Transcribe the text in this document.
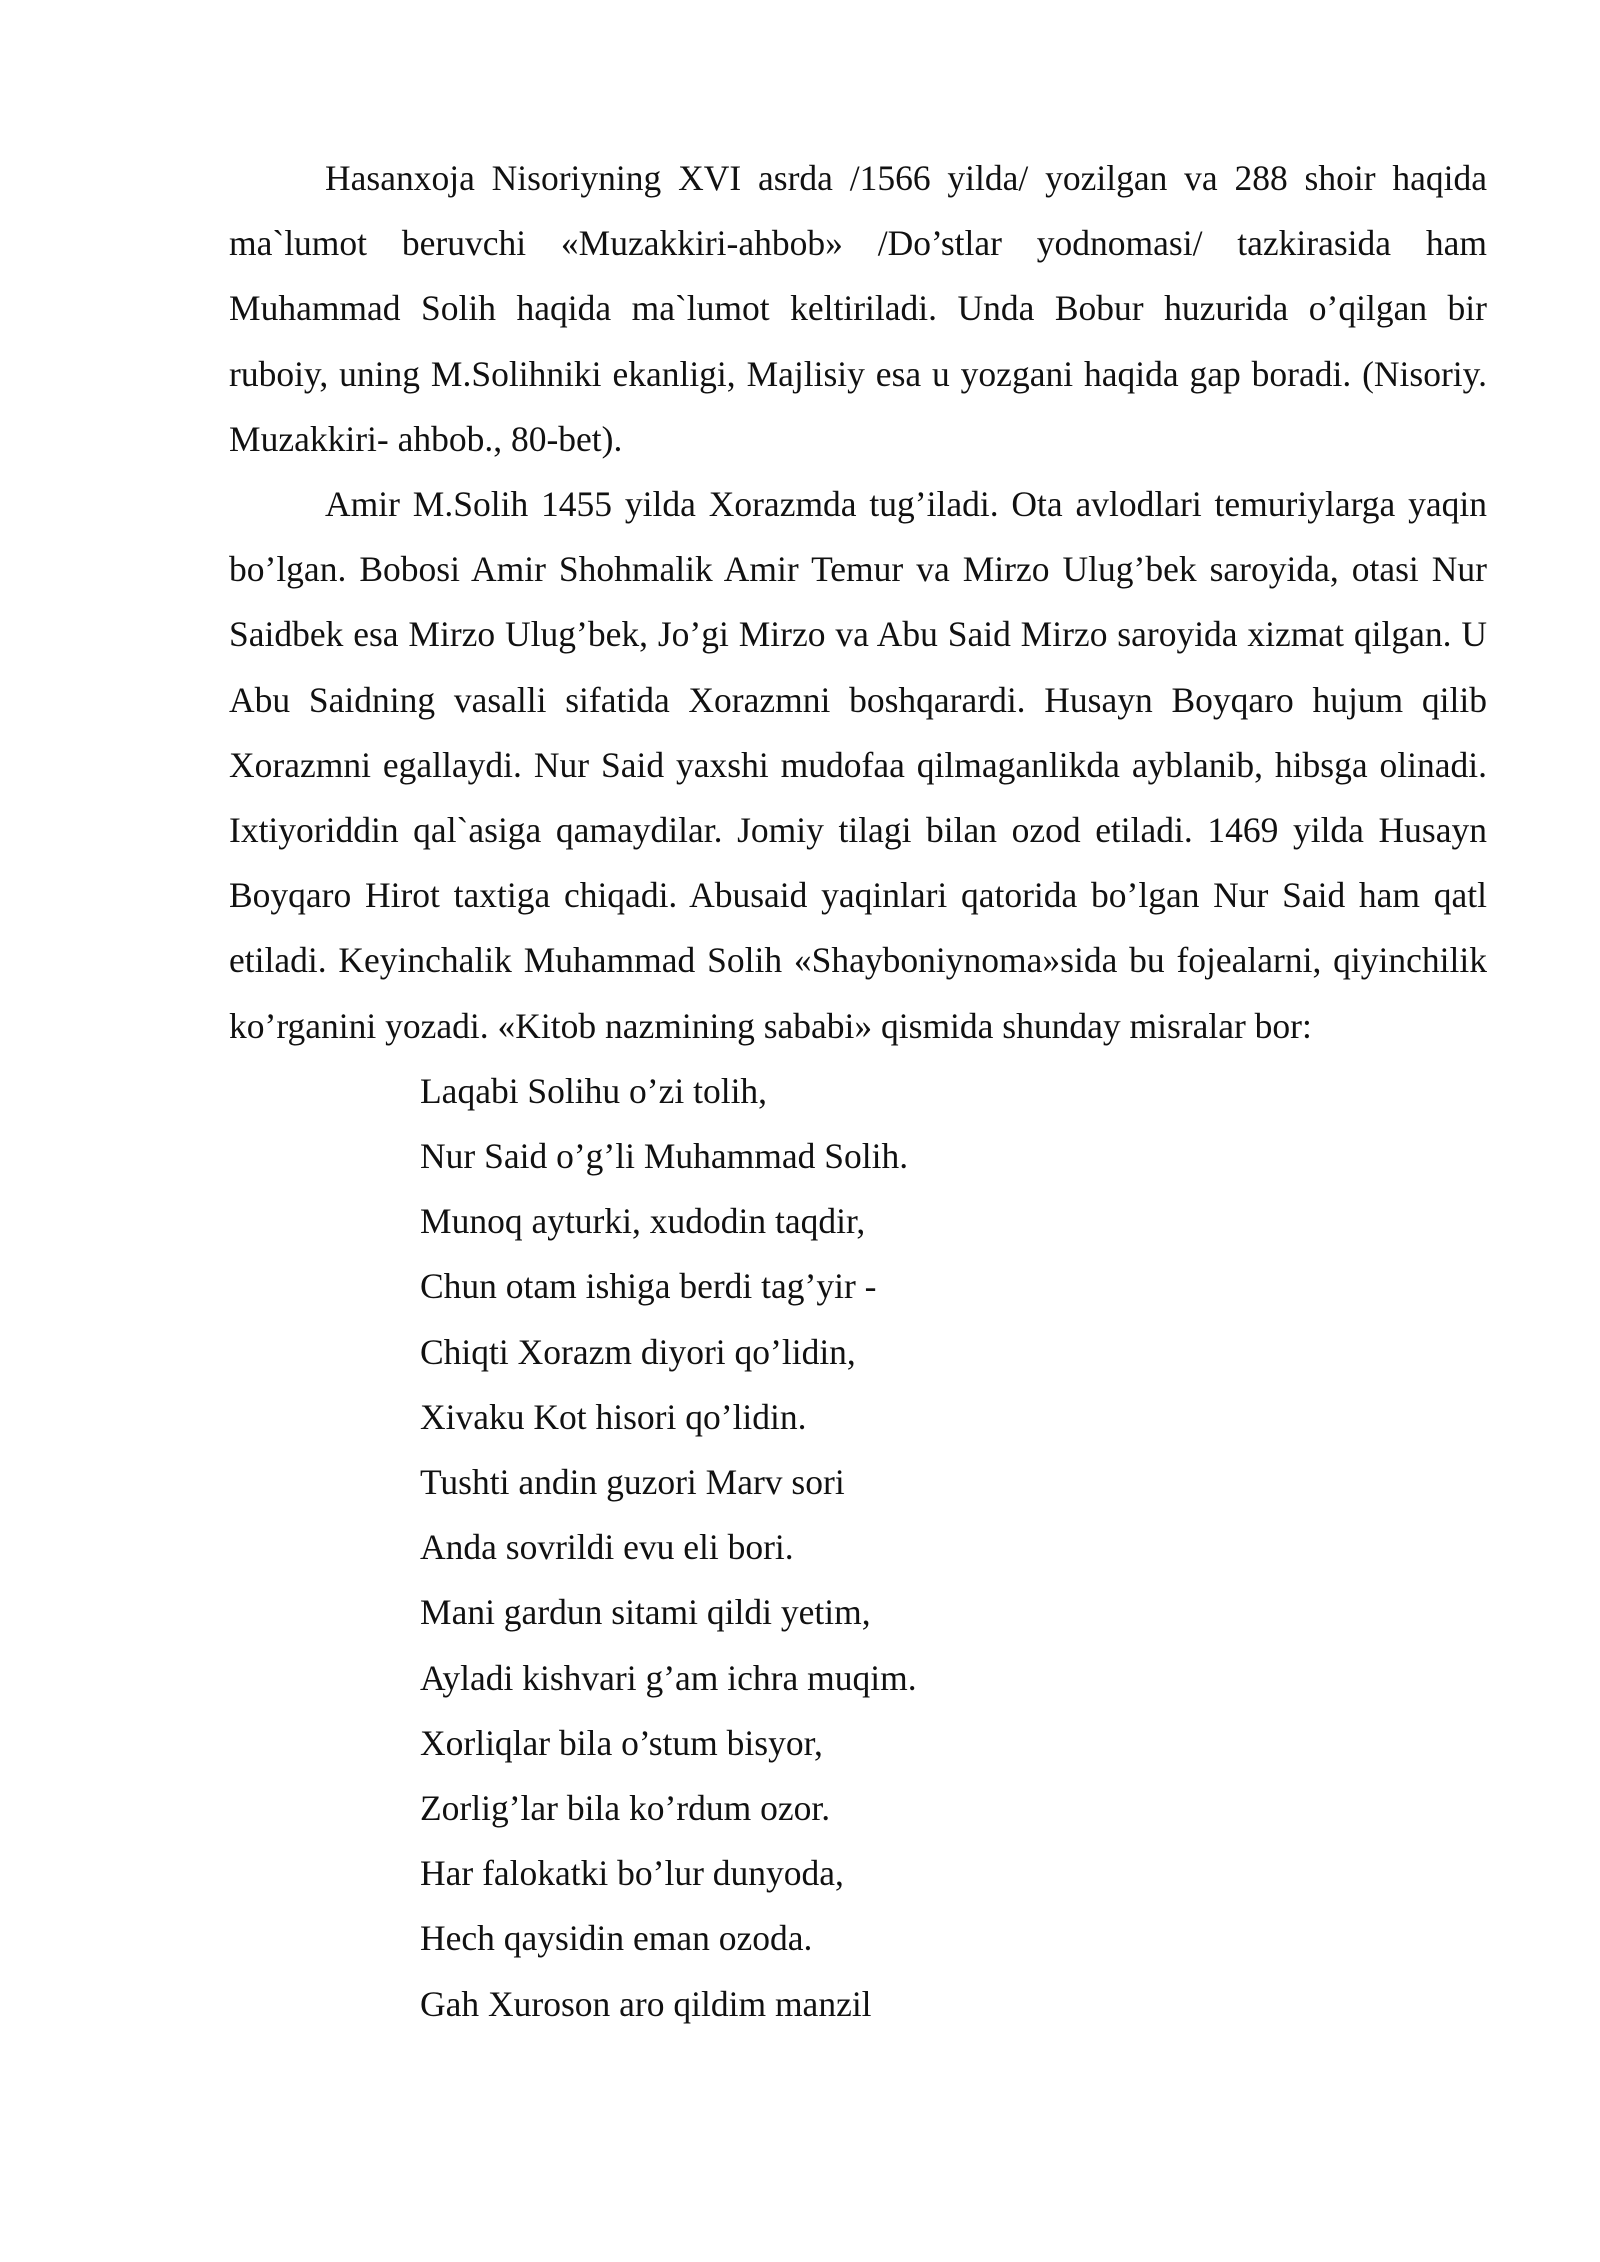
Hasanxoja Nisoriyning XVI asrda /1566 yilda/ yozilgan va 288 shoir haqida ma`lumot beruvchi «Muzakkiri-ahbob» /Do’stlar yodnomasi/ tazkirasida ham Muhammad Solih haqida ma`lumot keltiriladi. Unda Bobur huzurida o’qilgan bir ruboiy, uning M.Solihniki ekanligi, Majlisiy esa u yozgani haqida gap boradi. (Nisoriy. Muzakkiri- ahbob., 80-bet).

Amir M.Solih 1455 yilda Xorazmda tug’iladi. Ota avlodlari temuriylarga yaqin bo’lgan. Bobosi Amir Shohmalik Amir Temur va Mirzo Ulug’bek saroyida, otasi Nur Saidbek esa Mirzo Ulug’bek, Jo’gi Mirzo va Abu Said Mirzo saroyida xizmat qilgan. U Abu Saidning vasalli sifatida Xorazmni boshqarardi. Husayn Boyqaro hujum qilib Xorazmni egallaydi. Nur Said yaxshi mudofaa qilmaganlikda ayblanib, hibsga olinadi. Ixtiyoriddin qal`asiga qamaydilar. Jomiy tilagi bilan ozod etiladi. 1469 yilda Husayn Boyqaro Hirot taxtiga chiqadi. Abusaid yaqinlari qatorida bo’lgan Nur Said ham qatl etiladi. Keyinchalik Muhammad Solih «Shayboniynoma»sida bu fojealarni, qiyinchilik ko’rganini yozadi. «Kitob nazmining sababi» qismida shunday misralar bor:

Laqabi Solihu o’zi tolih,
Nur Said o’g’li Muhammad Solih.
Munoq ayturki, xudodin taqdir,
Chun otam ishiga berdi tag’yir -
Chiqti Xorazm diyori qo’lidin,
Xivaku Kot hisori qo’lidin.
Tushti andin guzori Marv sori
Anda sovrildi evu eli bori.
Mani gardun sitami qildi yetim,
Ayladi kishvari g’am ichra muqim.
Xorliqlar bila o’stum bisyor,
Zorlig’lar bila ko’rdum ozor.
Har falokatki bo’lur dunyoda,
Hech qaysidin eman ozoda.
Gah Xuroson aro qildim manzil
